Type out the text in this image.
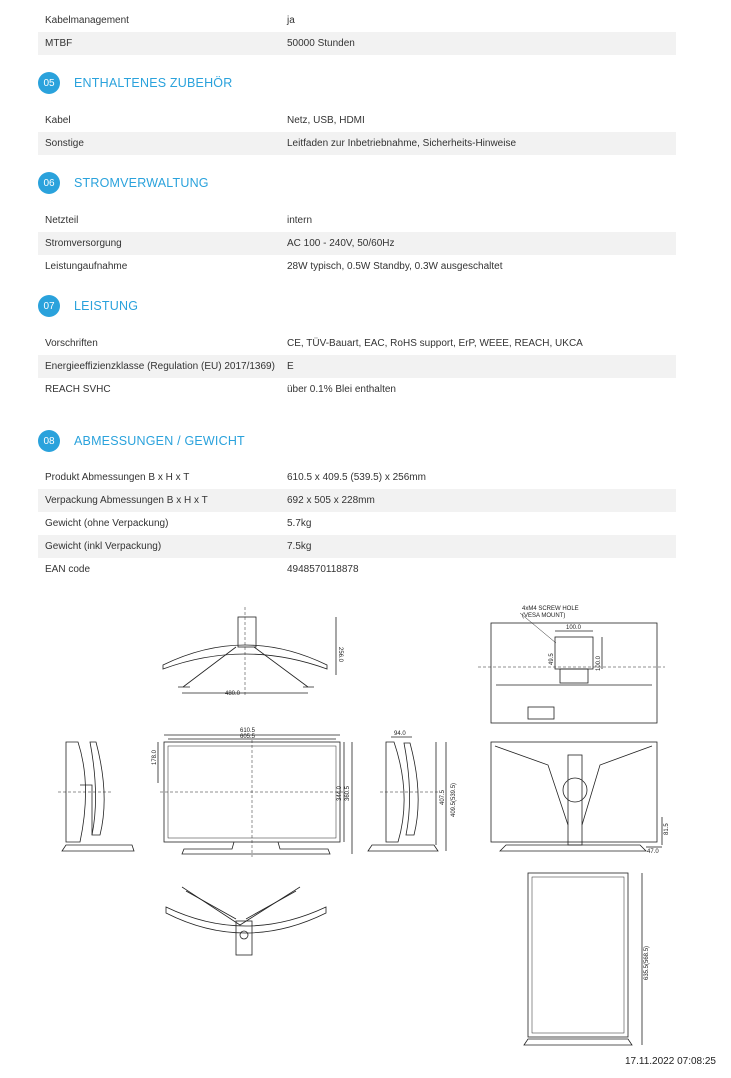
Kabelmanagement	ja
MTBF	50000 Stunden
05	ENTHALTENES ZUBEHÖR
Kabel	Netz, USB, HDMI
Sonstige	Leitfaden zur Inbetriebnahme, Sicherheits-Hinweise
06	STROMVERWALTUNG
Netzteil	intern
Stromversorgung	AC 100 - 240V, 50/60Hz
Leistungaufnahme	28W typisch, 0.5W Standby, 0.3W ausgeschaltet
07	LEISTUNG
Vorschriften	CE, TÜV-Bauart, EAC, RoHS support, ErP, WEEE, REACH, UKCA
Energieeffizienzklasse (Regulation (EU) 2017/1369)	E
REACH SVHC	über 0.1% Blei enthalten
08	ABMESSUNGEN / GEWICHT
Produkt Abmessungen B x H x T	610.5 x 409.5 (539.5) x 256mm
Verpackung Abmessungen B x H x T	692 x 505 x 228mm
Gewicht (ohne Verpackung)	5.7kg
Gewicht (inkl Verpackung)	7.5kg
EAN code	4948570118878
480.0
256.0
610.5
605.5
178.0
344.0 360.5
94.0
407.5 409.5(539.5)
4xM4 SCREW HOLE
(VESA MOUNT)
100.0
100.0
49.5
81.5
47.0
635.5(568.5)
17.11.2022 07:08:25
